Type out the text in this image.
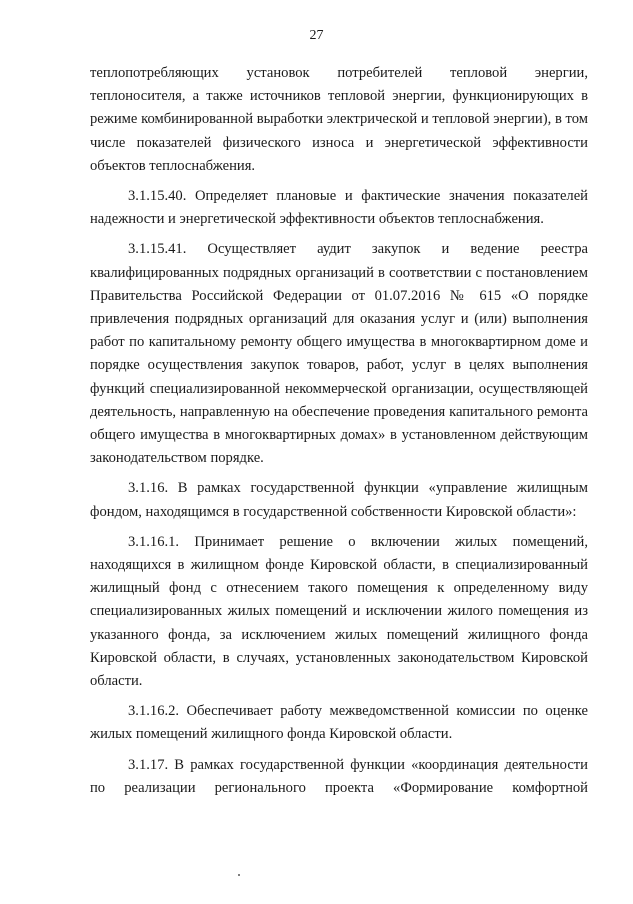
27

теплопотребляющих установок потребителей тепловой энергии, теплоносителя, а также источников тепловой энергии, функционирующих в режиме комбинированной выработки электрической и тепловой энергии), в том числе показателей физического износа и энергетической эффективности объектов теплоснабжения.

3.1.15.40. Определяет плановые и фактические значения показателей надежности и энергетической эффективности объектов теплоснабжения.

3.1.15.41. Осуществляет аудит закупок и ведение реестра квалифицированных подрядных организаций в соответствии с постановлением Правительства Российской Федерации от 01.07.2016 № 615 «О порядке привлечения подрядных организаций для оказания услуг и (или) выполнения работ по капитальному ремонту общего имущества в многоквартирном доме и порядке осуществления закупок товаров, работ, услуг в целях выполнения функций специализированной некоммерческой организации, осуществляющей деятельность, направленную на обеспечение проведения капитального ремонта общего имущества в многоквартирных домах» в установленном действующим законодательством порядке.

3.1.16. В рамках государственной функции «управление жилищным фондом, находящимся в государственной собственности Кировской области»:

3.1.16.1. Принимает решение о включении жилых помещений, находящихся в жилищном фонде Кировской области, в специализированный жилищный фонд с отнесением такого помещения к определенному виду специализированных жилых помещений и исключении жилого помещения из указанного фонда, за исключением жилых помещений жилищного фонда Кировской области, в случаях, установленных законодательством Кировской области.

3.1.16.2. Обеспечивает работу межведомственной комиссии по оценке жилых помещений жилищного фонда Кировской области.

3.1.17. В рамках государственной функции «координация деятельности по реализации регионального проекта «Формирование комфортной
